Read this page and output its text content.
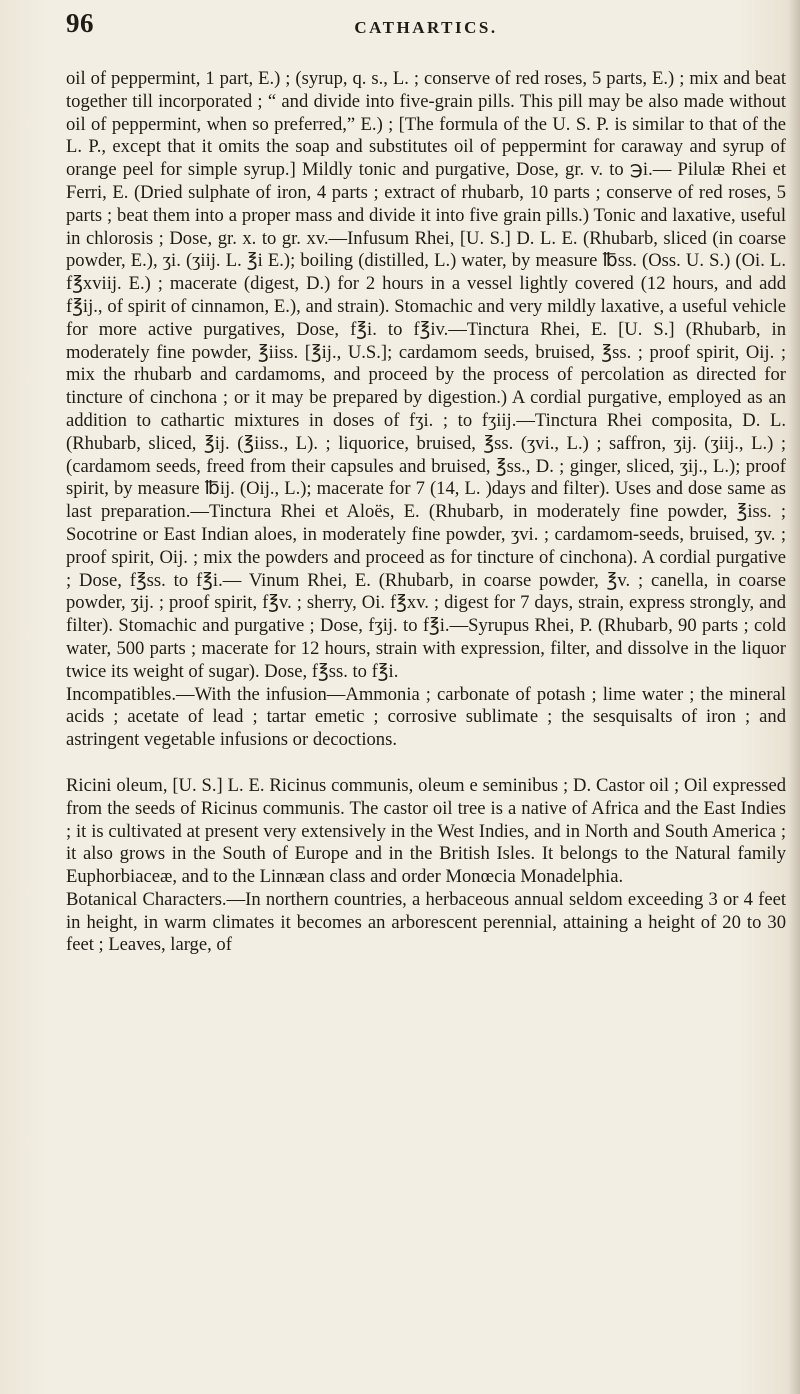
96	CATHARTICS.

oil of peppermint, 1 part, E.) ; (syrup, q. s., L. ; conserve of red roses, 5 parts, E.) ; mix and beat together till incorporated ; “ and divide into five-grain pills. This pill may be also made without oil of peppermint, when so preferred,” E.) ; [The formula of the U. S. P. is similar to that of the L. P., except that it omits the soap and substitutes oil of peppermint for caraway and syrup of orange peel for simple syrup.] Mildly tonic and purgative, Dose, gr. v. to ℈i.— Pilulæ Rhei et Ferri, E. (Dried sulphate of iron, 4 parts ; extract of rhubarb, 10 parts ; conserve of red roses, 5 parts ; beat them into a proper mass and divide it into five grain pills.) Tonic and laxative, useful in chlorosis ; Dose, gr. x. to gr. xv.—Infusum Rhei, [U. S.] D. L. E. (Rhubarb, sliced (in coarse powder, E.), ʒi. (ʒiij. L. ℥i E.); boiling (distilled, L.) water, by measure ℔ss. (Oss. U. S.) (Oi. L. f℥xviij. E.) ; macerate (digest, D.) for 2 hours in a vessel lightly covered (12 hours, and add f℥ij., of spirit of cinnamon, E.), and strain). Stomachic and very mildly laxative, a useful vehicle for more active purgatives, Dose, f℥i. to f℥iv.—Tinctura Rhei, E. [U. S.] (Rhubarb, in moderately fine powder, ℥iiss. [℥ij., U.S.]; cardamom seeds, bruised, ℥ss. ; proof spirit, Oij. ; mix the rhubarb and cardamoms, and proceed by the process of percolation as directed for tincture of cinchona ; or it may be prepared by digestion.) A cordial purgative, employed as an addition to cathartic mixtures in doses of fʒi. ; to fʒiij.—Tinctura Rhei composita, D. L. (Rhubarb, sliced, ℥ij. (℥iiss., L). ; liquorice, bruised, ℥ss. (ʒvi., L.) ; saffron, ʒij. (ʒiij., L.) ; (cardamom seeds, freed from their capsules and bruised, ℥ss., D. ; ginger, sliced, ʒij., L.); proof spirit, by measure ℔ij. (Oij., L.); macerate for 7 (14, L. )days and filter). Uses and dose same as last preparation.—Tinctura Rhei et Aloës, E. (Rhubarb, in moderately fine powder, ℥iss. ; Socotrine or East Indian aloes, in moderately fine powder, ʒvi. ; cardamom-seeds, bruised, ʒv. ; proof spirit, Oij. ; mix the powders and proceed as for tincture of cinchona). A cordial purgative ; Dose, f℥ss. to f℥i.— Vinum Rhei, E. (Rhubarb, in coarse powder, ℥v. ; canella, in coarse powder, ʒij. ; proof spirit, f℥v. ; sherry, Oi. f℥xv. ; digest for 7 days, strain, express strongly, and filter). Stomachic and purgative ; Dose, fʒij. to f℥i.—Syrupus Rhei, P. (Rhubarb, 90 parts ; cold water, 500 parts ; macerate for 12 hours, strain with expression, filter, and dissolve in the liquor twice its weight of sugar). Dose, f℥ss. to f℥i.

Incompatibles.—With the infusion—Ammonia ; carbonate of potash ; lime water ; the mineral acids ; acetate of lead ; tartar emetic ; corrosive sublimate ; the sesquisalts of iron ; and astringent vegetable infusions or decoctions.

Ricini oleum, [U. S.] L. E. Ricinus communis, oleum e seminibus ; D. Castor oil ; Oil expressed from the seeds of Ricinus communis. The castor oil tree is a native of Africa and the East Indies ; it is cultivated at present very extensively in the West Indies, and in North and South America ; it also grows in the South of Europe and in the British Isles. It belongs to the Natural family Euphorbiaceæ, and to the Linnæan class and order Monœcia Monadelphia.

Botanical Characters.—In northern countries, a herbaceous annual seldom exceeding 3 or 4 feet in height, in warm climates it becomes an arborescent perennial, attaining a height of 20 to 30 feet ; Leaves, large, of
